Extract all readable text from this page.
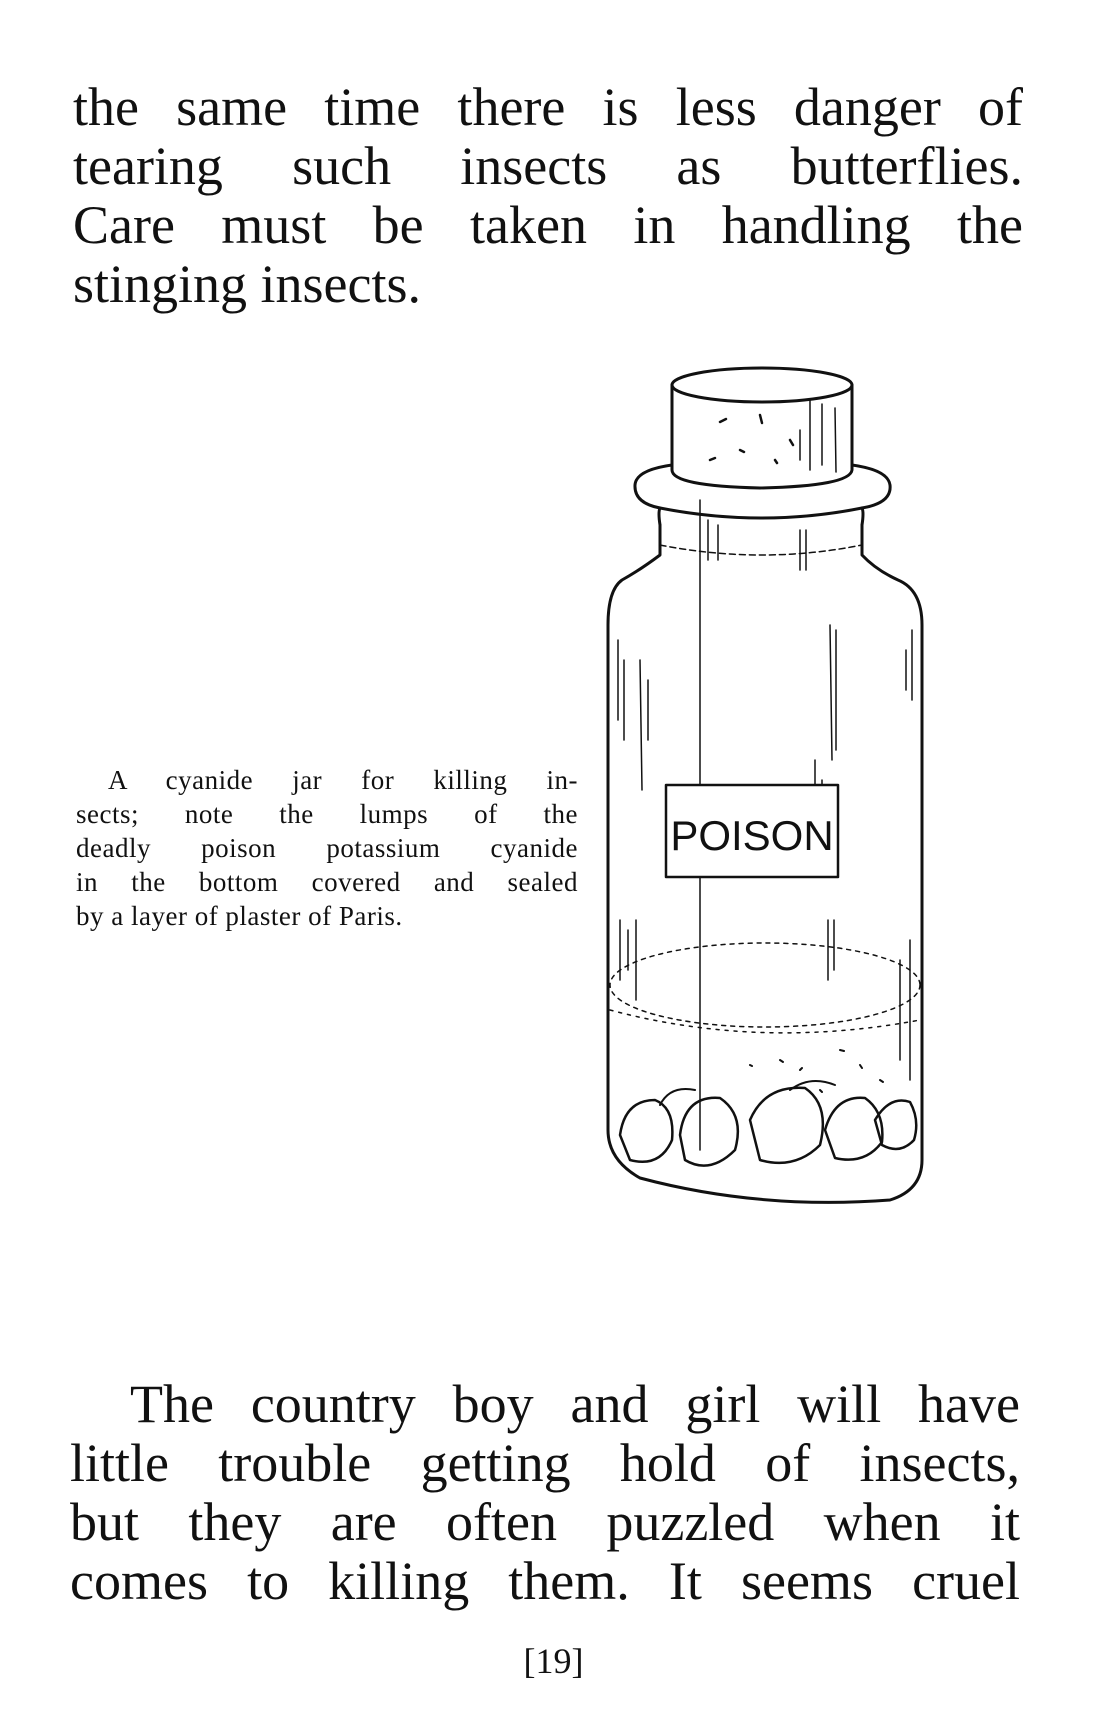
the same time there is less danger of
tearing such insects as butterflies.
Care must be taken in handling the
stinging insects.
A cyanide jar for killing in-
sects; note the lumps of the
deadly poison potassium cyanide
in the bottom covered and sealed
by a layer of plaster of Paris.
POISON
The country boy and girl will have
little trouble getting hold of insects,
but they are often puzzled when it
comes to killing them. It seems cruel
[19]
